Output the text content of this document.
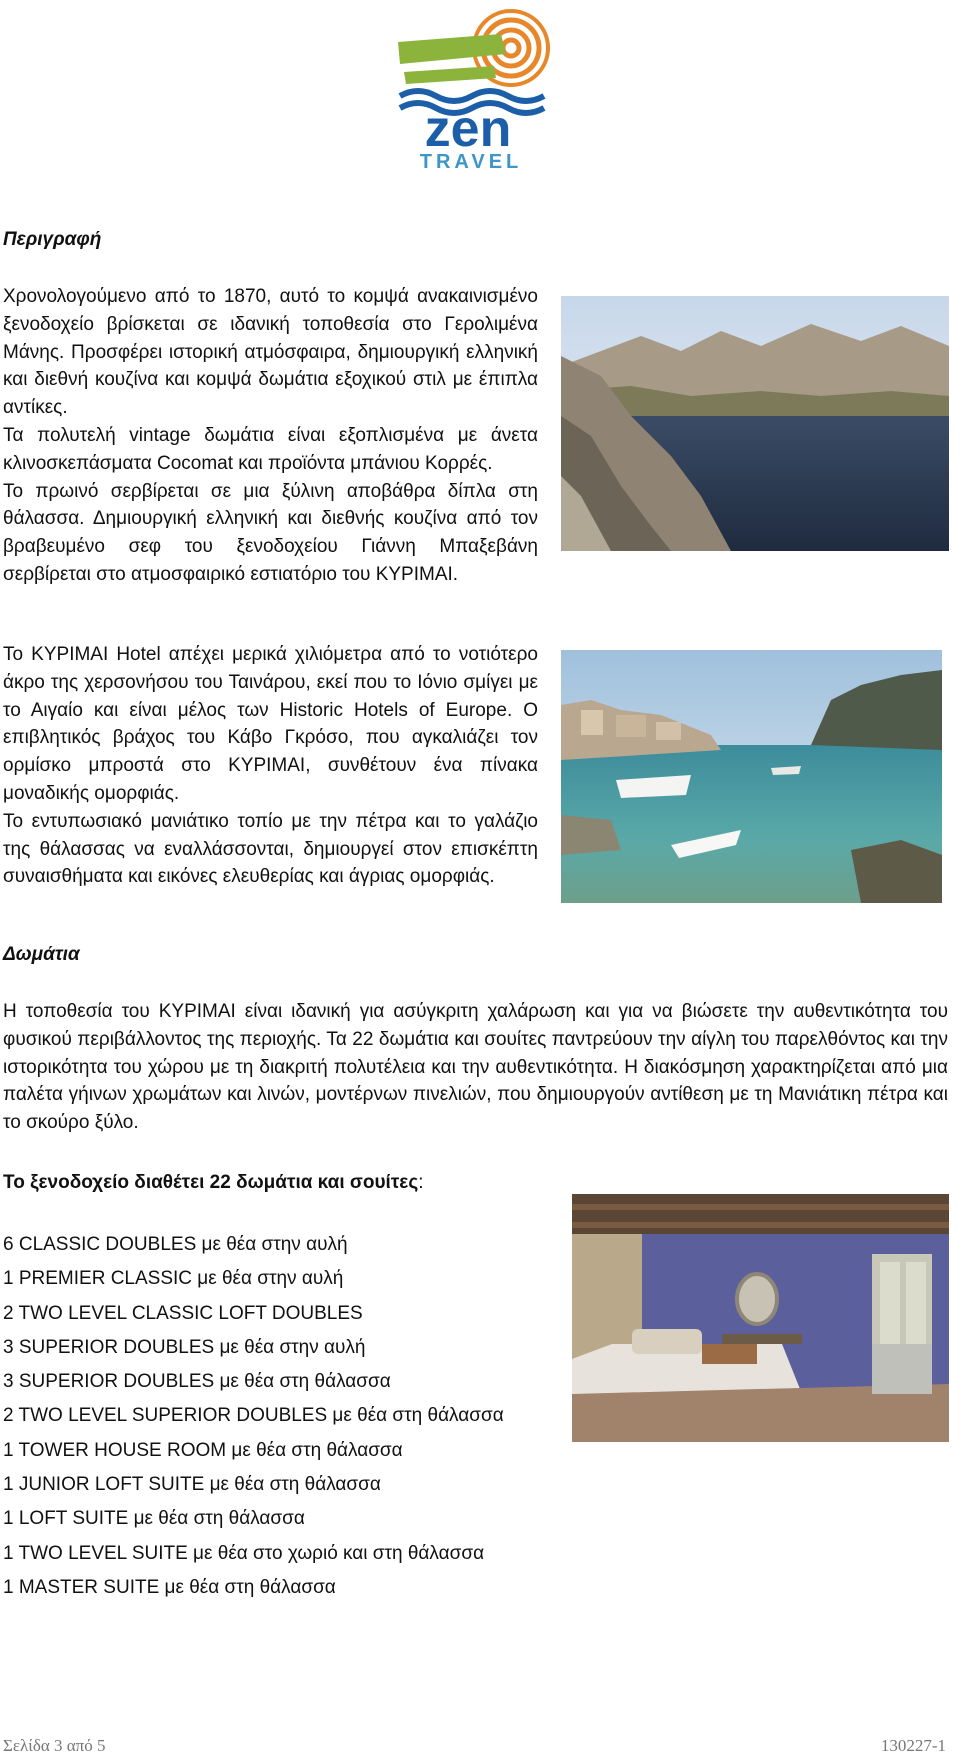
zen
TRAVEL
Περιγραφή

Χρονολογούμενο από το 1870, αυτό το κομψά ανακαινισμένο ξενοδοχείο βρίσκεται σε ιδανική τοποθεσία στο Γερολιμένα Μάνης. Προσφέρει ιστορική ατμόσφαιρα, δημιουργική ελληνική και διεθνή κουζίνα και κομψά δωμάτια εξοχικού στιλ με έπιπλα αντίκες.

Τα πολυτελή vintage δωμάτια είναι εξοπλισμένα με άνετα κλινοσκεπάσματα Cocomat και προϊόντα μπάνιου Κορρές.

Το πρωινό σερβίρεται σε μια ξύλινη αποβάθρα δίπλα στη θάλασσα. Δημιουργική ελληνική και διεθνής κουζίνα από τον βραβευμένο σεφ του ξενοδοχείου Γιάννη Μπαξεβάνη σερβίρεται στο ατμοσφαιρικό εστιατόριο του ΚΥΡΙΜΑΙ.

Το ΚΥΡΙΜΑΙ Hotel απέχει μερικά χιλιόμετρα από το νοτιότερο άκρο της χερσονήσου του Ταινάρου, εκεί που το Ιόνιο σμίγει με το Αιγαίο και είναι μέλος των Historic Hotels of Europe. Ο επιβλητικός βράχος του Κάβο Γκρόσο, που αγκαλιάζει τον ορμίσκο μπροστά στο ΚΥΡΙΜΑΙ, συνθέτουν ένα πίνακα μοναδικής ομορφιάς.

Το εντυπωσιακό μανιάτικο τοπίο με την πέτρα και το γαλάζιο της θάλασσας να εναλλάσσονται, δημιουργεί στον επισκέπτη συναισθήματα και εικόνες ελευθερίας και άγριας ομορφιάς.

Δωμάτια

Η τοποθεσία του ΚΥΡΙΜΑΙ είναι ιδανική για ασύγκριτη χαλάρωση και για να βιώσετε την αυθεντικότητα του φυσικού περιβάλλοντος της περιοχής. Τα 22 δωμάτια και σουίτες παντρεύουν την αίγλη του παρελθόντος και την ιστορικότητα του χώρου με τη διακριτή πολυτέλεια και την αυθεντικότητα. Η διακόσμηση χαρακτηρίζεται από μια παλέτα γήινων χρωμάτων και λινών, μοντέρνων πινελιών, που δημιουργούν αντίθεση με τη Μανιάτικη πέτρα και το σκούρο ξύλο.

Το ξενοδοχείο διαθέτει 22 δωμάτια και σουίτες:
6 CLASSIC DOUBLES με θέα στην αυλή
1 PREMIER CLASSIC με θέα στην αυλή
2 TWO LEVEL CLASSIC LOFT DOUBLES
3 SUPERIOR DOUBLES με θέα στην αυλή
3 SUPERIOR DOUBLES με θέα στη θάλασσα
2 TWO LEVEL SUPERIOR DOUBLES με θέα στη θάλασσα
1 TOWER HOUSE ROOM με θέα στη θάλασσα
1 JUNIOR LOFT SUITE με θέα στη θάλασσα
1 LOFT SUITE με θέα στη θάλασσα
1 TWO LEVEL SUITE με θέα στο χωριό και στη θάλασσα
1 MASTER SUITE με θέα στη θάλασσα
Σελίδα 3 από 5	130227-1
